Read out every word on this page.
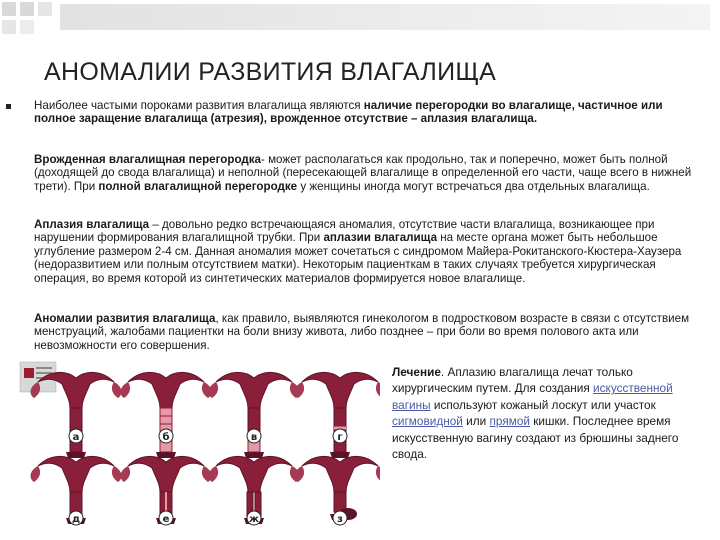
АНОМАЛИИ РАЗВИТИЯ ВЛАГАЛИЩА
Наиболее частыми пороками развития влагалища являются наличие перегородки во влагалище, частичное или полное заращение влагалища (атрезия), врожденное отсутствие – аплазия влагалища.
Врожденная влагалищная перегородка- может располагаться как продольно, так и поперечно, может быть полной (доходящей до свода влагалища) и неполной (пересекающей влагалище в определенной его части, чаще всего в нижней трети). При полной влагалищной перегородке у женщины иногда могут встречаться два отдельных влагалища.
Аплазия влагалища – довольно редко встречающаяся аномалия, отсутствие части влагалища, возникающее при нарушении формирования влагалищной трубки. При аплазии влагалища на месте органа может быть небольшое углубление размером 2-4 см. Данная аномалия может сочетаться с синдромом Майера-Рокитанского-Кюстера-Хаузера (недоразвитием или полным отсутствием матки). Некоторым пациенткам в таких случаях требуется хирургическая операция, во время которой из синтетических материалов формируется новое влагалище.
Аномалии развития влагалища, как правило, выявляются гинекологом в подростковом возрасте в связи с отсутствием менструаций, жалобами пациентки на боли внизу живота, либо позднее – при боли во время полового акта или невозможности его совершения.
а	б	в	г
д	е	ж	з
Лечение. Аплазию влагалища лечат только хирургическим путем. Для создания искусственной вагины используют кожаный лоскут или участок сигмовидной или прямой кишки. Последнее время искусственную вагину создают из брюшины заднего свода.
